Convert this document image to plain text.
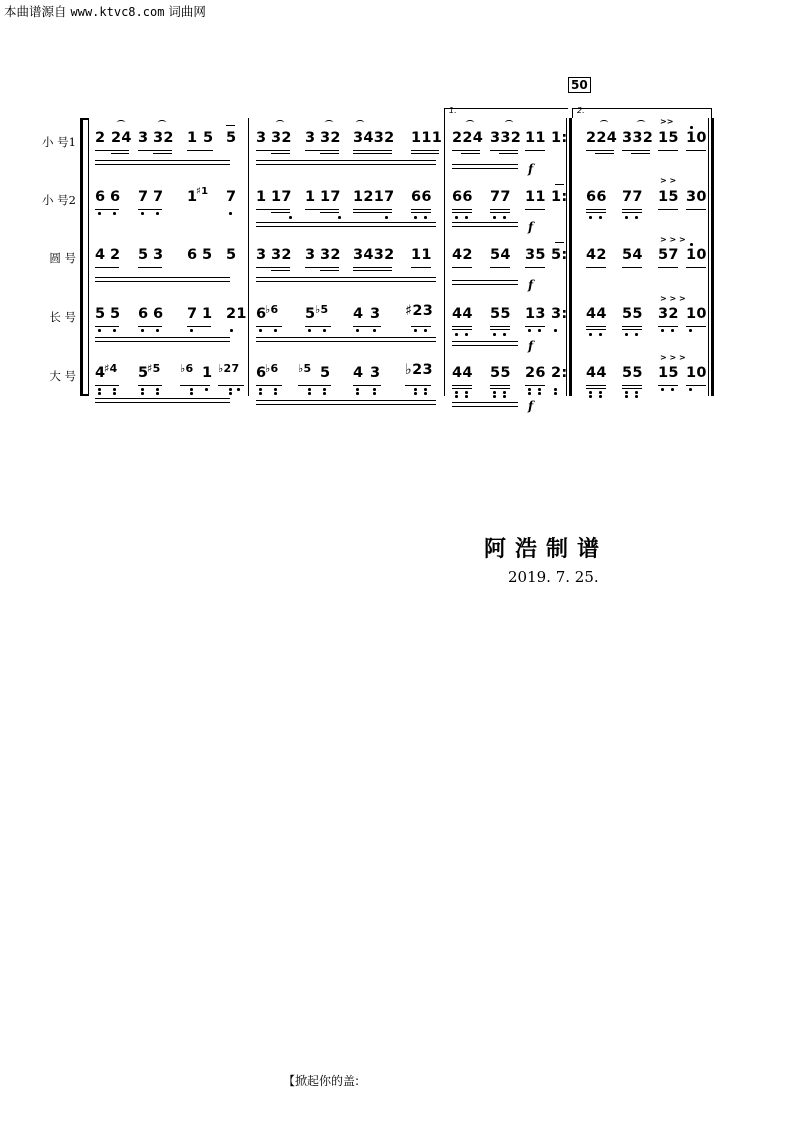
本曲谱源自 www.ktvc8.com 词曲网
50
1.	2.
小 号1
小 号2
圆 号
长 号
大 号
2 24 3 32 1 5 5 3 32 3 32 3432 111 224 332 11 1: 224 332 15 10
>>
f
6 6 7 7 1
♯1 7 1 17 1 17 1217 66 66 77 11 1: 66 77 15 30
> >
f
4 2 5 3 6 5 5 3 32 3 32 3432 11 42 54 35 5: 42 54 57 10
> > >
f
5 5 6 6 7 1 21 6
♭6 5 ♭5 4 3 ♯23 44 55 13 3: 44 55 32 10
> > >
f
4
♯4 5
♯5 ♭6 1 ♭27 6
♭6 ♭5 5 4 3 ♭23 44 55 26 2: 44 55 15 10
> > >
f
阿浩制谱
2019. 7. 25.
【掀起你的盖:
